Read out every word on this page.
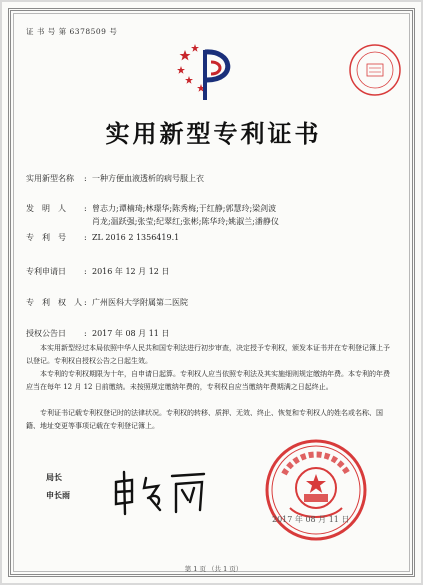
证 书 号 第 6378509 号
实用新型专利证书
实用新型名称 : 一种方便血液透析的病号服上衣
发　明　人 : 曾志力;谭楠琦;林璟华;陈秀梅;于红静;郭慧玲;梁剑波
肖龙;温跃强;张莹;纪翠红;张彬;陈华玲;姚淑兰;潘静仪
专　利　号 : ZL 2016 2 1356419.1
专利申请日 : 2016 年 12 月 12 日
专　利　权　人 : 广州医科大学附属第二医院
授权公告日 : 2017 年 08 月 11 日
本实用新型经过本局依照中华人民共和国专利法进行初步审查，决定授予专利权，颁发本证书并在专利登记簿上予以登记。专利权自授权公告之日起生效。
本专利的专利权期限为十年，自申请日起算。专利权人应当依照专利法及其实施细则规定缴纳年费。本专利的年费应当在每年 12 月 12 日前缴纳。未按照规定缴纳年费的，专利权自应当缴纳年费期满之日起终止。
专利证书记载专利权登记时的法律状况。专利权的转移、质押、无效、终止、恢复和专利权人的姓名或名称、国籍、地址变更等事项记载在专利登记簿上。
局长
申长雨
2017 年 08 月 11 日
第 1 页 （共 1 页）
